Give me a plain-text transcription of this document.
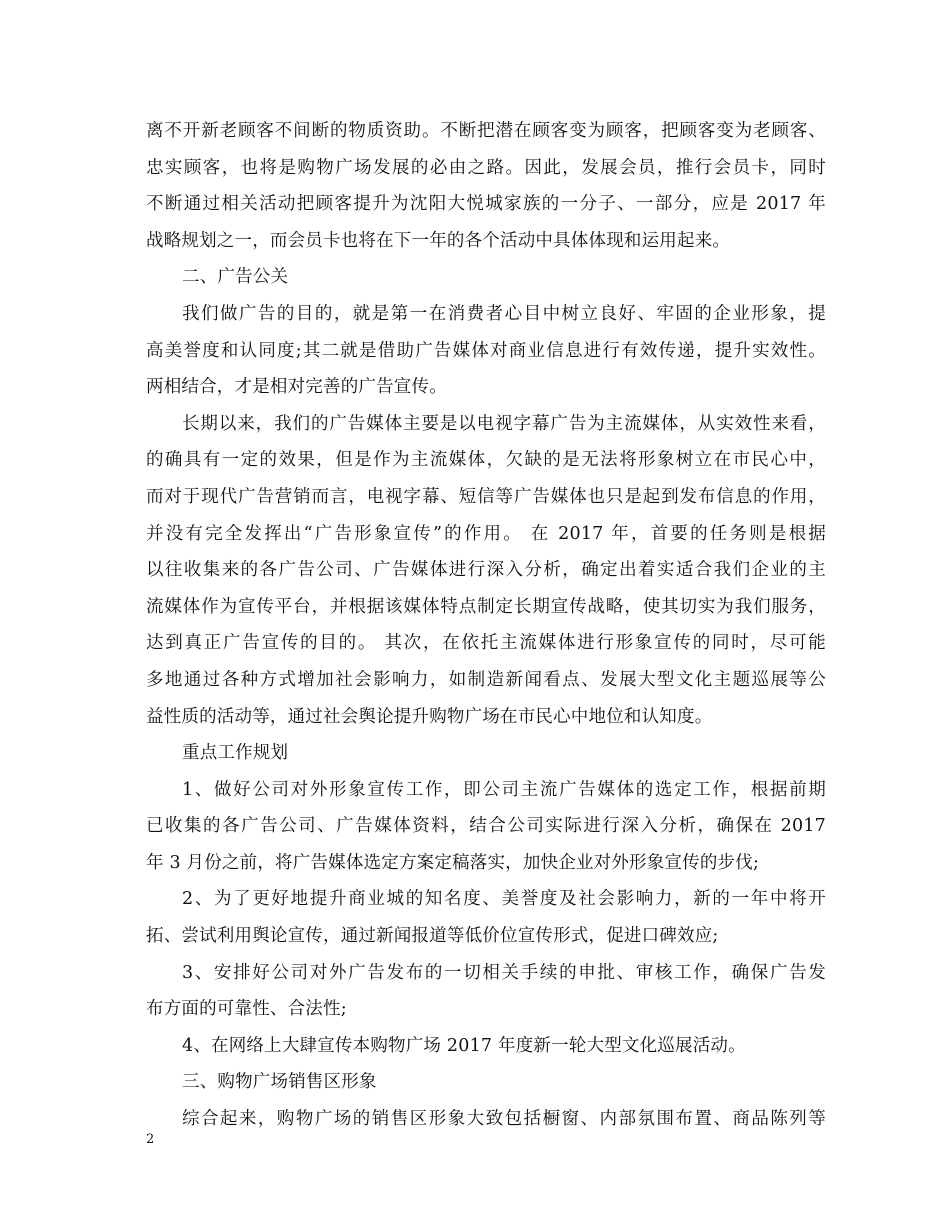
离不开新老顾客不间断的物质资助。不断把潜在顾客变为顾客，把顾客变为老顾客、
忠实顾客，也将是购物广场发展的必由之路。因此，发展会员，推行会员卡，同时
不断通过相关活动把顾客提升为沈阳大悦城家族的一分子、一部分，应是 2017 年
战略规划之一，而会员卡也将在下一年的各个活动中具体体现和运用起来。
二、广告公关
我们做广告的目的，就是第一在消费者心目中树立良好、牢固的企业形象，提
高美誉度和认同度;其二就是借助广告媒体对商业信息进行有效传递，提升实效性。
两相结合，才是相对完善的广告宣传。
长期以来，我们的广告媒体主要是以电视字幕广告为主流媒体，从实效性来看，
的确具有一定的效果，但是作为主流媒体，欠缺的是无法将形象树立在市民心中，
而对于现代广告营销而言，电视字幕、短信等广告媒体也只是起到发布信息的作用，
并没有完全发挥出“广告形象宣传”的作用。 在 2017 年，首要的任务则是根据
以往收集来的各广告公司、广告媒体进行深入分析，确定出着实适合我们企业的主
流媒体作为宣传平台，并根据该媒体特点制定长期宣传战略，使其切实为我们服务，
达到真正广告宣传的目的。 其次，在依托主流媒体进行形象宣传的同时，尽可能
多地通过各种方式增加社会影响力，如制造新闻看点、发展大型文化主题巡展等公
益性质的活动等，通过社会舆论提升购物广场在市民心中地位和认知度。
重点工作规划
1、做好公司对外形象宣传工作，即公司主流广告媒体的选定工作，根据前期
已收集的各广告公司、广告媒体资料，结合公司实际进行深入分析，确保在 2017
年 3 月份之前，将广告媒体选定方案定稿落实，加快企业对外形象宣传的步伐;
2、为了更好地提升商业城的知名度、美誉度及社会影响力，新的一年中将开
拓、尝试利用舆论宣传，通过新闻报道等低价位宣传形式，促进口碑效应;
3、安排好公司对外广告发布的一切相关手续的申批、审核工作，确保广告发
布方面的可靠性、合法性;
4、在网络上大肆宣传本购物广场 2017 年度新一轮大型文化巡展活动。
三、购物广场销售区形象
综合起来，购物广场的销售区形象大致包括橱窗、内部氛围布置、商品陈列等
2
